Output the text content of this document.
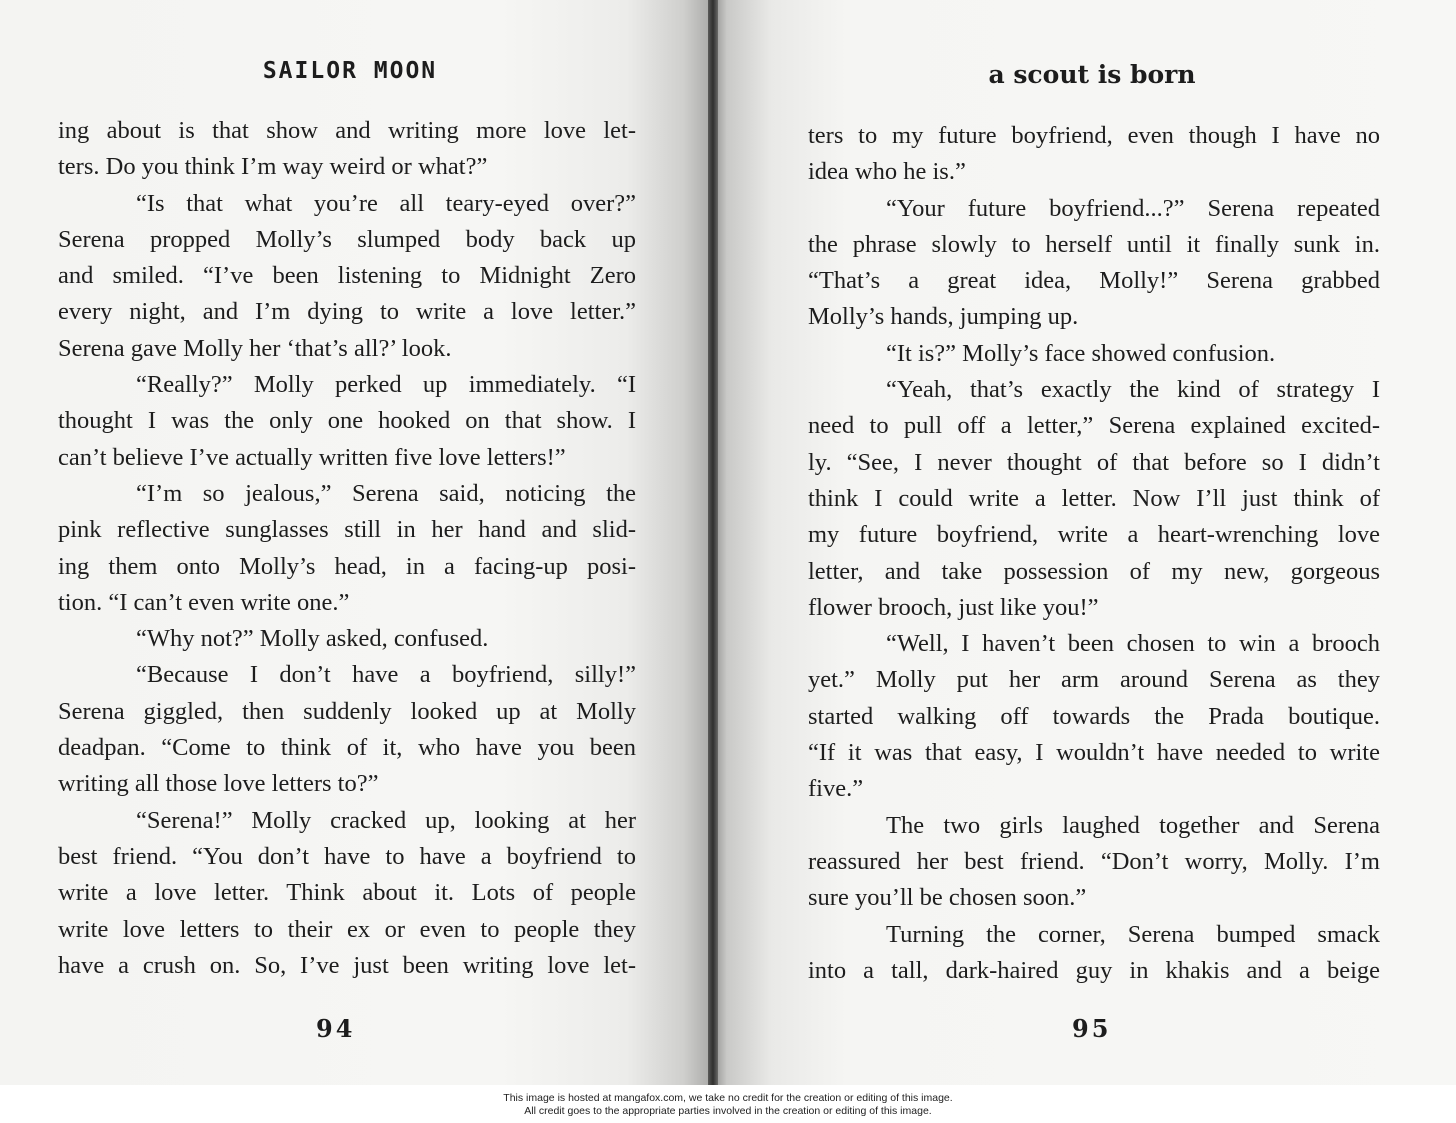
SAILOR MOON
ing about is that show and writing more love let-
ters. Do you think I’m way weird or what?”
“Is that what you’re all teary-eyed over?”
Serena propped Molly’s slumped body back up
and smiled. “I’ve been listening to Midnight Zero
every night, and I’m dying to write a love letter.”
Serena gave Molly her ‘that’s all?’ look.
“Really?” Molly perked up immediately. “I
thought I was the only one hooked on that show. I
can’t believe I’ve actually written five love letters!”
“I’m so jealous,” Serena said, noticing the
pink reflective sunglasses still in her hand and slid-
ing them onto Molly’s head, in a facing-up posi-
tion. “I can’t even write one.”
“Why not?” Molly asked, confused.
“Because I don’t have a boyfriend, silly!”
Serena giggled, then suddenly looked up at Molly
deadpan. “Come to think of it, who have you been
writing all those love letters to?”
“Serena!” Molly cracked up, looking at her
best friend. “You don’t have to have a boyfriend to
write a love letter. Think about it. Lots of people
write love letters to their ex or even to people they
have a crush on. So, I’ve just been writing love let-
94
a scout is born
ters to my future boyfriend, even though I have no
idea who he is.”
“Your future boyfriend...?” Serena repeated
the phrase slowly to herself until it finally sunk in.
“That’s a great idea, Molly!” Serena grabbed
Molly’s hands, jumping up.
“It is?” Molly’s face showed confusion.
“Yeah, that’s exactly the kind of strategy I
need to pull off a letter,” Serena explained excited-
ly. “See, I never thought of that before so I didn’t
think I could write a letter. Now I’ll just think of
my future boyfriend, write a heart-wrenching love
letter, and take possession of my new, gorgeous
flower brooch, just like you!”
“Well, I haven’t been chosen to win a brooch
yet.” Molly put her arm around Serena as they
started walking off towards the Prada boutique.
“If it was that easy, I wouldn’t have needed to write
five.”
The two girls laughed together and Serena
reassured her best friend. “Don’t worry, Molly. I’m
sure you’ll be chosen soon.”
Turning the corner, Serena bumped smack
into a tall, dark-haired guy in khakis and a beige
95
This image is hosted at mangafox.com, we take no credit for the creation or editing of this image.
All credit goes to the appropriate parties involved in the creation or editing of this image.
